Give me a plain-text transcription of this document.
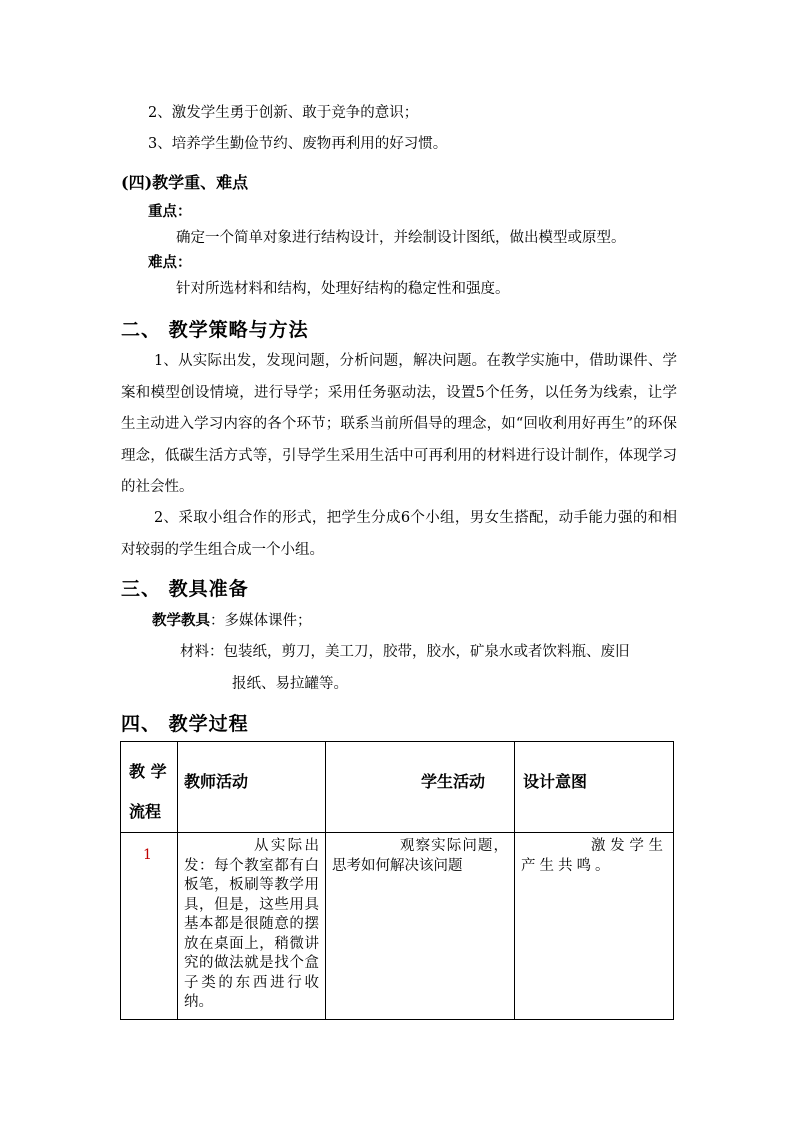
2、激发学生勇于创新、敢于竞争的意识；
3、培养学生勤俭节约、废物再利用的好习惯。
(四)教学重、难点
重点：
确定一个简单对象进行结构设计，并绘制设计图纸，做出模型或原型。
难点：
针对所选材料和结构，处理好结构的稳定性和强度。
二、 教学策略与方法
1、从实际出发，发现问题，分析问题，解决问题。在教学实施中，借助课件、学案和模型创设情境，进行导学；采用任务驱动法，设置5个任务，以任务为线索，让学生主动进入学习内容的各个环节；联系当前所倡导的理念，如“回收利用好再生”的环保理念，低碳生活方式等，引导学生采用生活中可再利用的材料进行设计制作，体现学习的社会性。
2、采取小组合作的形式，把学生分成6个小组，男女生搭配，动手能力强的和相对较弱的学生组合成一个小组。
三、 教具准备
教学教具：多媒体课件；
材料：包装纸，剪刀，美工刀，胶带，胶水，矿泉水或者饮料瓶、废旧
报纸、易拉罐等。
四、 教学过程
教 学
流程	教师活动	学生活动	设计意图

1	从实际出发：每个教室都有白板笔，板刷等教学用具，但是，这些用具基本都是很随意的摆放在桌面上，稍微讲究的做法就是找个盒子类的东西进行收纳。	观察实际问题，思考如何解决该问题	激发学生产生共鸣。
